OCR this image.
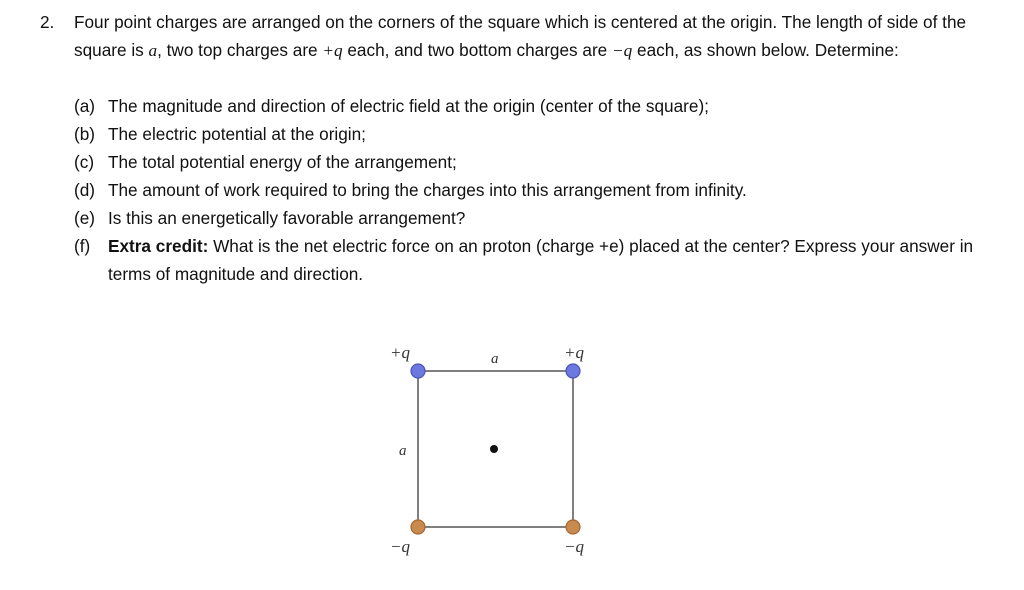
2. Four point charges are arranged on the corners of the square which is centered at the origin. The length of side of the square is a, two top charges are +q each, and two bottom charges are −q each, as shown below. Determine:
(a) The magnitude and direction of electric field at the origin (center of the square);
(b) The electric potential at the origin;
(c) The total potential energy of the arrangement;
(d) The amount of work required to bring the charges into this arrangement from infinity.
(e) Is this an energetically favorable arrangement?
(f) Extra credit: What is the net electric force on an proton (charge +e) placed at the center? Express your answer in terms of magnitude and direction.
+q	+q
−q	−q
a
a
